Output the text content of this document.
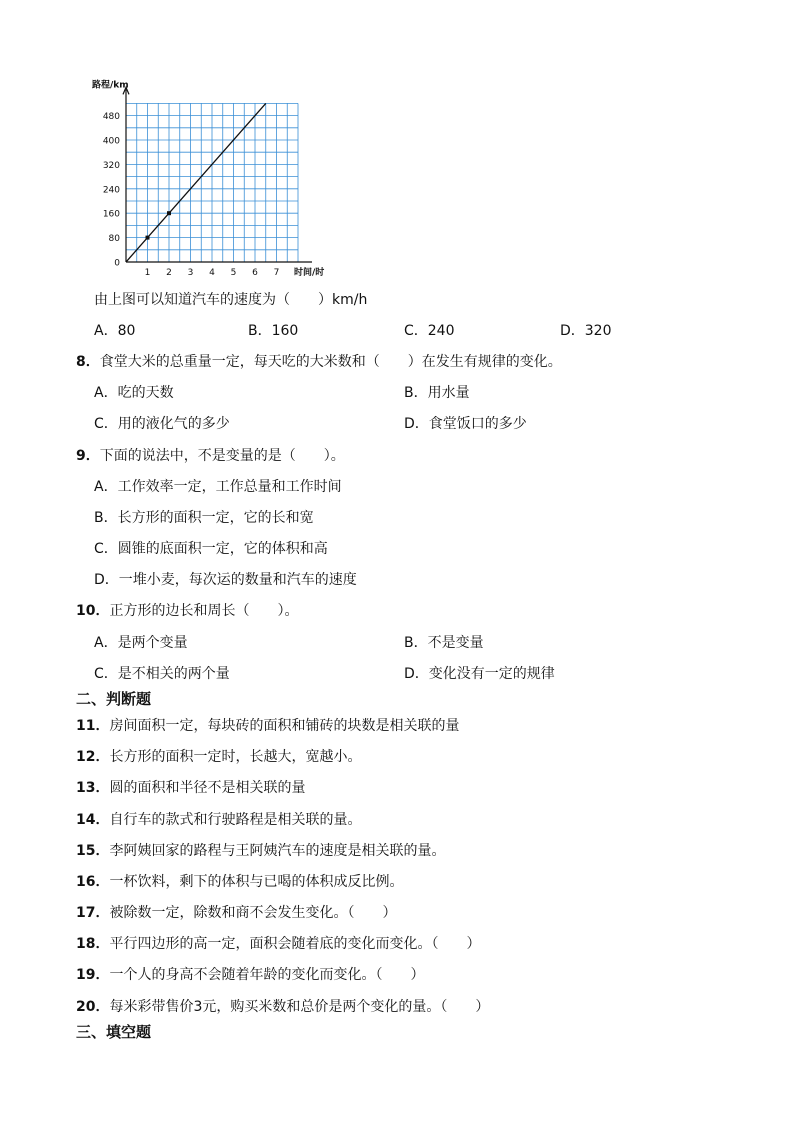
0
80
160
240
320
400
480
1 2 3 4 5 6 7
路程/km
时间/时
由上图可以知道汽车的速度为（　　）km/h
A．80	B．160	C．240	D．320
8．食堂大米的总重量一定，每天吃的大米数和（　　）在发生有规律的变化。
A．吃的天数	B．用水量
C．用的液化气的多少	D．食堂饭口的多少
9．下面的说法中，不是变量的是（　　）。
A．工作效率一定，工作总量和工作时间
B．长方形的面积一定，它的长和宽
C．圆锥的底面积一定，它的体积和高
D．一堆小麦，每次运的数量和汽车的速度
10．正方形的边长和周长（　　）。
A．是两个变量	B．不是变量
C．是不相关的两个量	D．变化没有一定的规律
二、判断题
11．房间面积一定，每块砖的面积和铺砖的块数是相关联的量
12．长方形的面积一定时，长越大，宽越小。
13．圆的面积和半径不是相关联的量
14．自行车的款式和行驶路程是相关联的量。
15．李阿姨回家的路程与王阿姨汽车的速度是相关联的量。
16．一杯饮料，剩下的体积与已喝的体积成反比例。
17．被除数一定，除数和商不会发生变化。（　　）
18．平行四边形的高一定，面积会随着底的变化而变化。（　　）
19．一个人的身高不会随着年龄的变化而变化。（　　）
20．每米彩带售价3元，购买米数和总价是两个变化的量。（　　）
三、填空题
